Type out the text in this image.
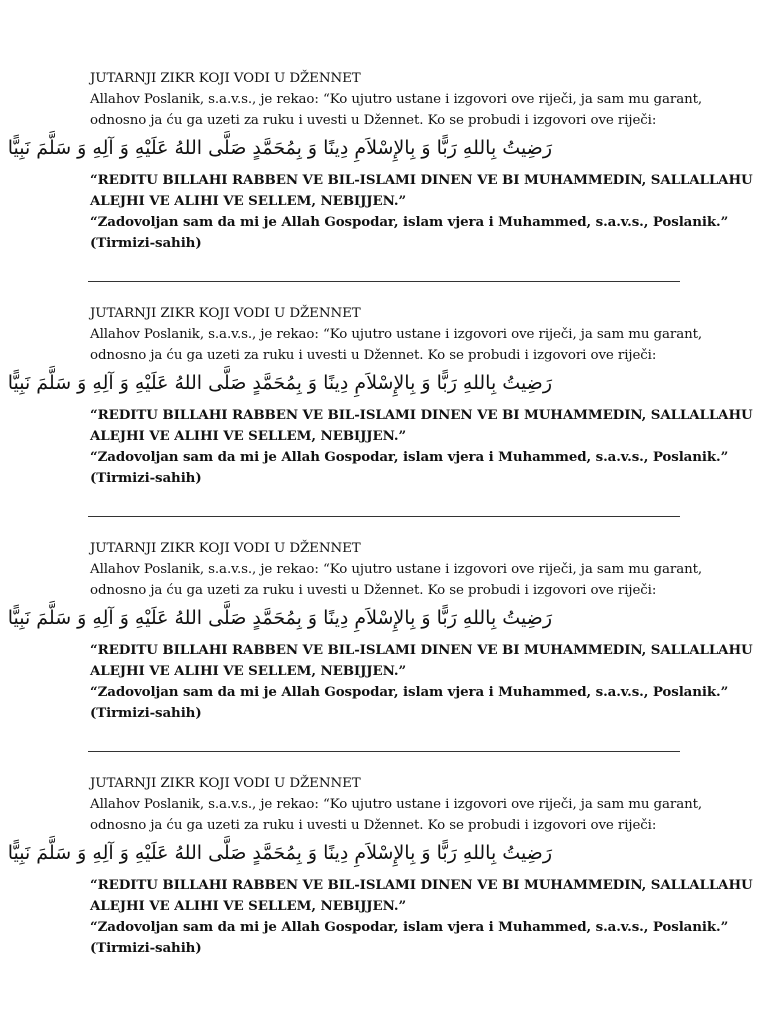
JUTARNJI ZIKR KOJI VODI U DŽENNET
Allahov Poslanik, s.a.v.s., je rekao: “Ko ujutro ustane i izgovori ove riječi, ja sam mu garant,
odnosno ja ću ga uzeti za ruku i uvesti u Džennet. Ko se probudi i izgovori ove riječi:
رَضِيتُ بِاللهِ رَبًّا وَ بِالإِسْلاَمِ دِينًا وَ بِمُحَمَّدٍ صَلَّى اللهُ عَلَيْهِ وَ آلِهِ وَ سَلَّمَ نَبِيًّا
“REDITU BILLAHI RABBEN VE BIL-ISLAMI DINEN VE BI MUHAMMEDIN, SALLALLAHU
ALEJHI VE ALIHI VE SELLEM, NEBIJJEN.”
“Zadovoljan sam da mi je Allah Gospodar, islam vjera i Muhammed, s.a.v.s., Poslanik.”
(Tirmizi-sahih)
JUTARNJI ZIKR KOJI VODI U DŽENNET
Allahov Poslanik, s.a.v.s., je rekao: “Ko ujutro ustane i izgovori ove riječi, ja sam mu garant,
odnosno ja ću ga uzeti za ruku i uvesti u Džennet. Ko se probudi i izgovori ove riječi:
رَضِيتُ بِاللهِ رَبًّا وَ بِالإِسْلاَمِ دِينًا وَ بِمُحَمَّدٍ صَلَّى اللهُ عَلَيْهِ وَ آلِهِ وَ سَلَّمَ نَبِيًّا
“REDITU BILLAHI RABBEN VE BIL-ISLAMI DINEN VE BI MUHAMMEDIN, SALLALLAHU
ALEJHI VE ALIHI VE SELLEM, NEBIJJEN.”
“Zadovoljan sam da mi je Allah Gospodar, islam vjera i Muhammed, s.a.v.s., Poslanik.”
(Tirmizi-sahih)
JUTARNJI ZIKR KOJI VODI U DŽENNET
Allahov Poslanik, s.a.v.s., je rekao: “Ko ujutro ustane i izgovori ove riječi, ja sam mu garant,
odnosno ja ću ga uzeti za ruku i uvesti u Džennet. Ko se probudi i izgovori ove riječi:
رَضِيتُ بِاللهِ رَبًّا وَ بِالإِسْلاَمِ دِينًا وَ بِمُحَمَّدٍ صَلَّى اللهُ عَلَيْهِ وَ آلِهِ وَ سَلَّمَ نَبِيًّا
“REDITU BILLAHI RABBEN VE BIL-ISLAMI DINEN VE BI MUHAMMEDIN, SALLALLAHU
ALEJHI VE ALIHI VE SELLEM, NEBIJJEN.”
“Zadovoljan sam da mi je Allah Gospodar, islam vjera i Muhammed, s.a.v.s., Poslanik.”
(Tirmizi-sahih)
JUTARNJI ZIKR KOJI VODI U DŽENNET
Allahov Poslanik, s.a.v.s., je rekao: “Ko ujutro ustane i izgovori ove riječi, ja sam mu garant,
odnosno ja ću ga uzeti za ruku i uvesti u Džennet. Ko se probudi i izgovori ove riječi:
رَضِيتُ بِاللهِ رَبًّا وَ بِالإِسْلاَمِ دِينًا وَ بِمُحَمَّدٍ صَلَّى اللهُ عَلَيْهِ وَ آلِهِ وَ سَلَّمَ نَبِيًّا
“REDITU BILLAHI RABBEN VE BIL-ISLAMI DINEN VE BI MUHAMMEDIN, SALLALLAHU
ALEJHI VE ALIHI VE SELLEM, NEBIJJEN.”
“Zadovoljan sam da mi je Allah Gospodar, islam vjera i Muhammed, s.a.v.s., Poslanik.”
(Tirmizi-sahih)
